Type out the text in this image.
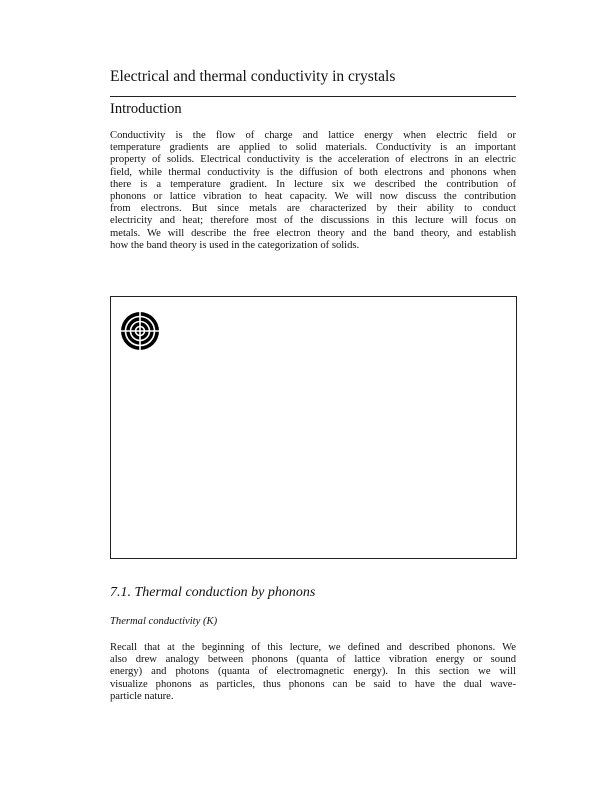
Electrical and thermal conductivity in crystals
Introduction
Conductivity is the flow of charge and lattice energy when electric field or
temperature gradients are applied to solid materials. Conductivity is an important
property of solids. Electrical conductivity is the acceleration of electrons in an electric
field, while thermal conductivity is the diffusion of both electrons and phonons when
there is a temperature gradient. In lecture six we described the contribution of
phonons or lattice vibration to heat capacity. We will now discuss the contribution
from electrons. But since metals are characterized by their ability to conduct
electricity and heat; therefore most of the discussions in this lecture will focus on
metals. We will describe the free electron theory and the band theory, and establish
how the band theory is used in the categorization of solids.
7.1. Thermal conduction by phonons
Thermal conductivity (K)
Recall that at the beginning of this lecture, we defined and described phonons. We
also drew analogy between phonons (quanta of lattice vibration energy or sound
energy) and photons (quanta of electromagnetic energy). In this section we will
visualize phonons as particles, thus phonons can be said to have the dual wave-
particle nature.
